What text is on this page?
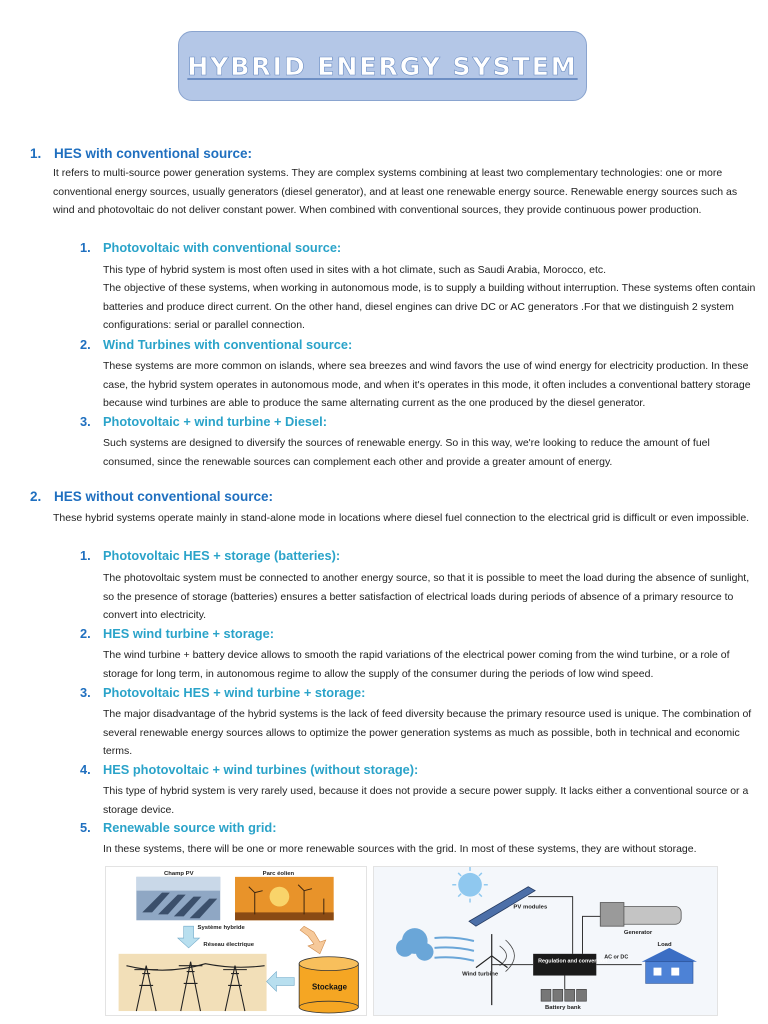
HYBRID ENERGY SYSTEM
1. HES with conventional source:
It refers to multi-source power generation systems. They are complex systems combining at least two complementary technologies: one or more conventional energy sources, usually generators (diesel generator), and at least one renewable energy source. Renewable energy sources such as wind and photovoltaic do not deliver constant power. When combined with conventional sources, they provide continuous power production.
1. Photovoltaic with conventional source:
This type of hybrid system is most often used in sites with a hot climate, such as Saudi Arabia, Morocco, etc.
The objective of these systems, when working in autonomous mode, is to supply a building without interruption. These systems often contain batteries and produce direct current. On the other hand, diesel engines can drive DC or AC generators .For that we distinguish 2 system configurations: serial or parallel connection.
2. Wind Turbines with conventional source:
These systems are more common on islands, where sea breezes and wind favors the use of wind energy for electricity production. In these case, the hybrid system operates in autonomous mode, and when it's operates in this mode, it often includes a conventional battery storage because wind turbines are able to produce the same alternating current as the one produced by the diesel generator.
3. Photovoltaic + wind turbine + Diesel:
Such systems are designed to diversify the sources of renewable energy. So in this way, we're looking to reduce the amount of fuel consumed, since the renewable sources can complement each other and provide a greater amount of energy.
2. HES without conventional source:
These hybrid systems operate mainly in stand-alone mode in locations where diesel fuel connection to the electrical grid is difficult or even impossible.
1. Photovoltaic HES + storage (batteries):
The photovoltaic system must be connected to another energy source, so that it is possible to meet the load during the absence of sunlight, so the presence of storage (batteries) ensures a better satisfaction of electrical loads during periods of absence of a primary resource to convert into electricity.
2. HES wind turbine + storage:
The wind turbine + battery device allows to smooth the rapid variations of the electrical power coming from the wind turbine, or a role of storage for long term, in autonomous regime to allow the supply of the consumer during the periods of low wind speed.
3. Photovoltaic HES + wind turbine + storage:
The major disadvantage of the hybrid systems is the lack of feed diversity because the primary resource used is unique. The combination of several renewable energy sources allows to optimize the power generation systems as much as possible, both in technical and economic terms.
4. HES photovoltaic + wind turbines (without storage):
This type of hybrid system is very rarely used, because it does not provide a secure power supply. It lacks either a conventional source or a storage device.
5. Renewable source with grid:
In these systems, there will be one or more renewable sources with the grid. In most of these systems, they are without storage.
Champ PV	Parc éolien
Système hybride
Réseau électrique
Stockage
PV modules
Generator
Wind turbine
Regulation and conversion
AC or DC
Load
Battery bank
